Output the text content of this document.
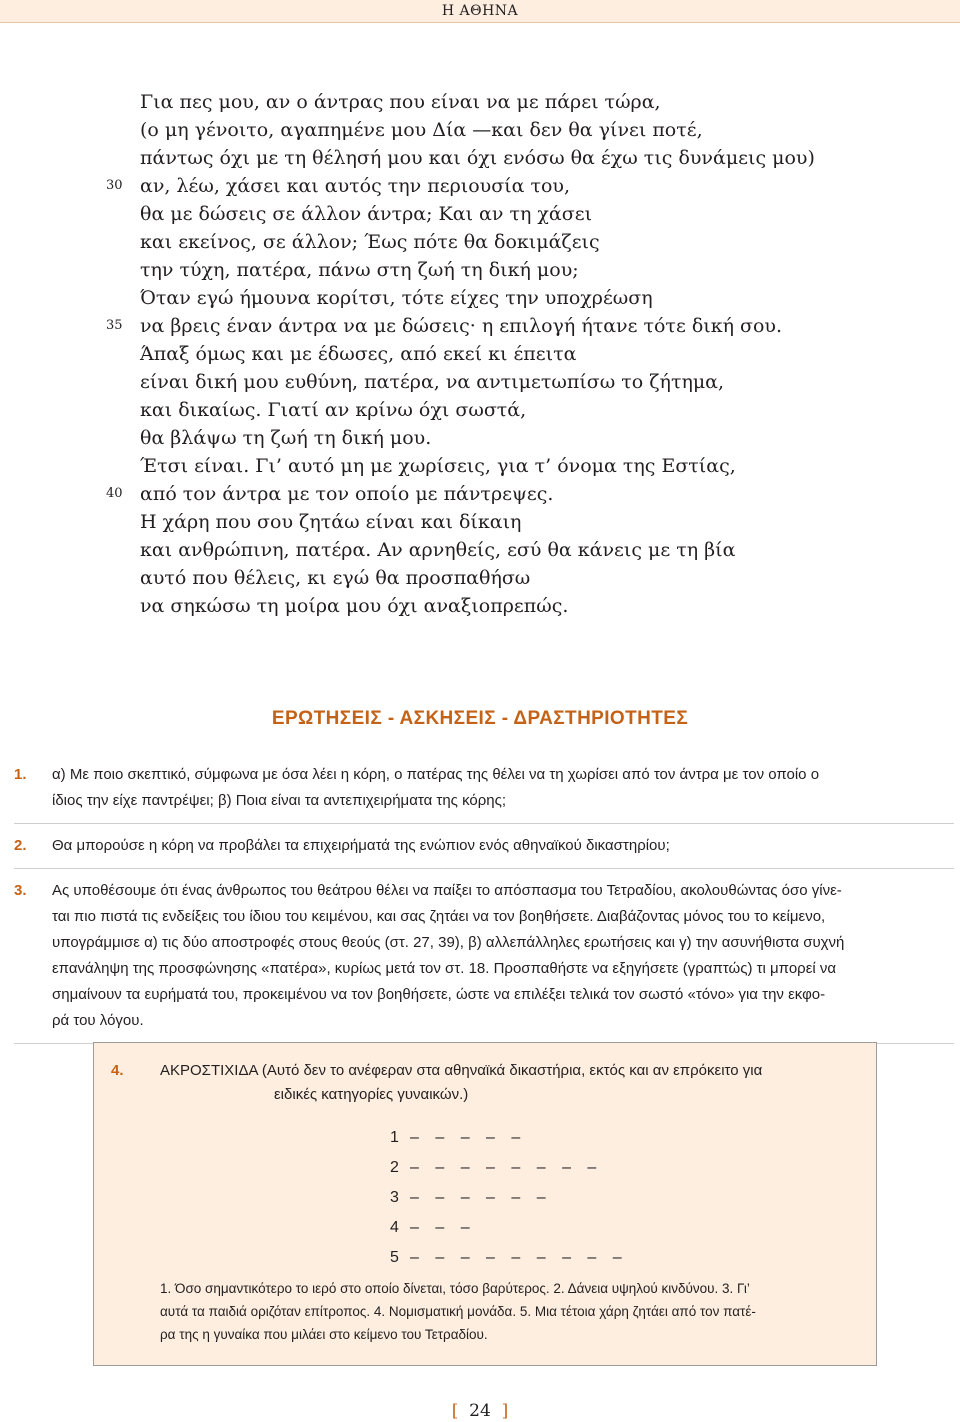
Η ΑΘΗΝΑ
Για πες μου, αν ο άντρας που είναι να με πάρει τώρα,
(ο μη γένοιτο, αγαπημένε μου Δία —και δεν θα γίνει ποτέ,
πάντως όχι με τη θέλησή μου και όχι ενόσω θα έχω τις δυνάμεις μου)
30 αν, λέω, χάσει και αυτός την περιουσία του,
θα με δώσεις σε άλλον άντρα; Και αν τη χάσει
και εκείνος, σε άλλον; Έως πότε θα δοκιμάζεις
την τύχη, πατέρα, πάνω στη ζωή τη δική μου;
Όταν εγώ ήμουνα κορίτσι, τότε είχες την υποχρέωση
35 να βρεις έναν άντρα να με δώσεις· η επιλογή ήτανε τότε δική σου.
Άπαξ όμως και με έδωσες, από εκεί κι έπειτα
είναι δική μου ευθύνη, πατέρα, να αντιμετωπίσω το ζήτημα,
και δικαίως. Γιατί αν κρίνω όχι σωστά,
θα βλάψω τη ζωή τη δική μου.
Έτσι είναι. Γι’ αυτό μη με χωρίσεις, για τ’ όνομα της Εστίας,
40 από τον άντρα με τον οποίο με πάντρεψες.
Η χάρη που σου ζητάω είναι και δίκαιη
και ανθρώπινη, πατέρα. Αν αρνηθείς, εσύ θα κάνεις με τη βία
αυτό που θέλεις, κι εγώ θα προσπαθήσω
να σηκώσω τη μοίρα μου όχι αναξιοπρεπώς.
ΕΡΩΤΗΣΕΙΣ - ΑΣΚΗΣΕΙΣ - ΔΡΑΣΤΗΡΙΟΤΗΤΕΣ
1. α) Με ποιο σκεπτικό, σύμφωνα με όσα λέει η κόρη, ο πατέρας της θέλει να τη χωρίσει από τον άντρα με τον οποίο ο
ίδιος την είχε παντρέψει; β) Ποια είναι τα αντεπιχειρήματα της κόρης;
2. Θα μπορούσε η κόρη να προβάλει τα επιχειρήματά της ενώπιον ενός αθηναϊκού δικαστηρίου;
3. Ας υποθέσουμε ότι ένας άνθρωπος του θεάτρου θέλει να παίξει το απόσπασμα του Τετραδίου, ακολουθώντας όσο γίνε-
ται πιο πιστά τις ενδείξεις του ίδιου του κειμένου, και σας ζητάει να τον βοηθήσετε. Διαβάζοντας μόνος του το κείμενο,
υπογράμμισε α) τις δύο αποστροφές στους θεούς (στ. 27, 39), β) αλλεπάλληλες ερωτήσεις και γ) την ασυνήθιστα συχνή
επανάληψη της προσφώνησης «πατέρα», κυρίως μετά τον στ. 18. Προσπαθήστε να εξηγήσετε (γραπτώς) τι μπορεί να
σημαίνουν τα ευρήματά του, προκειμένου να τον βοηθήσετε, ώστε να επιλέξει τελικά τον σωστό «τόνο» για την εκφο-
ρά του λόγου.
4. ΑΚΡΟΣΤΙΧΙΔΑ (Αυτό δεν το ανέφεραν στα αθηναϊκά δικαστήρια, εκτός και αν επρόκειτο για
ειδικές κατηγορίες γυναικών.)
1 – – – – –
2 – – – – – – – –
3 – – – – – –
4 – – –
5 – – – – – – – – –
1. Όσο σημαντικότερο το ιερό στο οποίο δίνεται, τόσο βαρύτερος. 2. Δάνεια υψηλού κινδύνου. 3. Γι’
αυτά τα παιδιά οριζόταν επίτροπος. 4. Νομισματική μονάδα. 5. Μια τέτοια χάρη ζητάει από τον πατέ-
ρα της η γυναίκα που μιλάει στο κείμενο του Τετραδίου.
[ 24 ]
